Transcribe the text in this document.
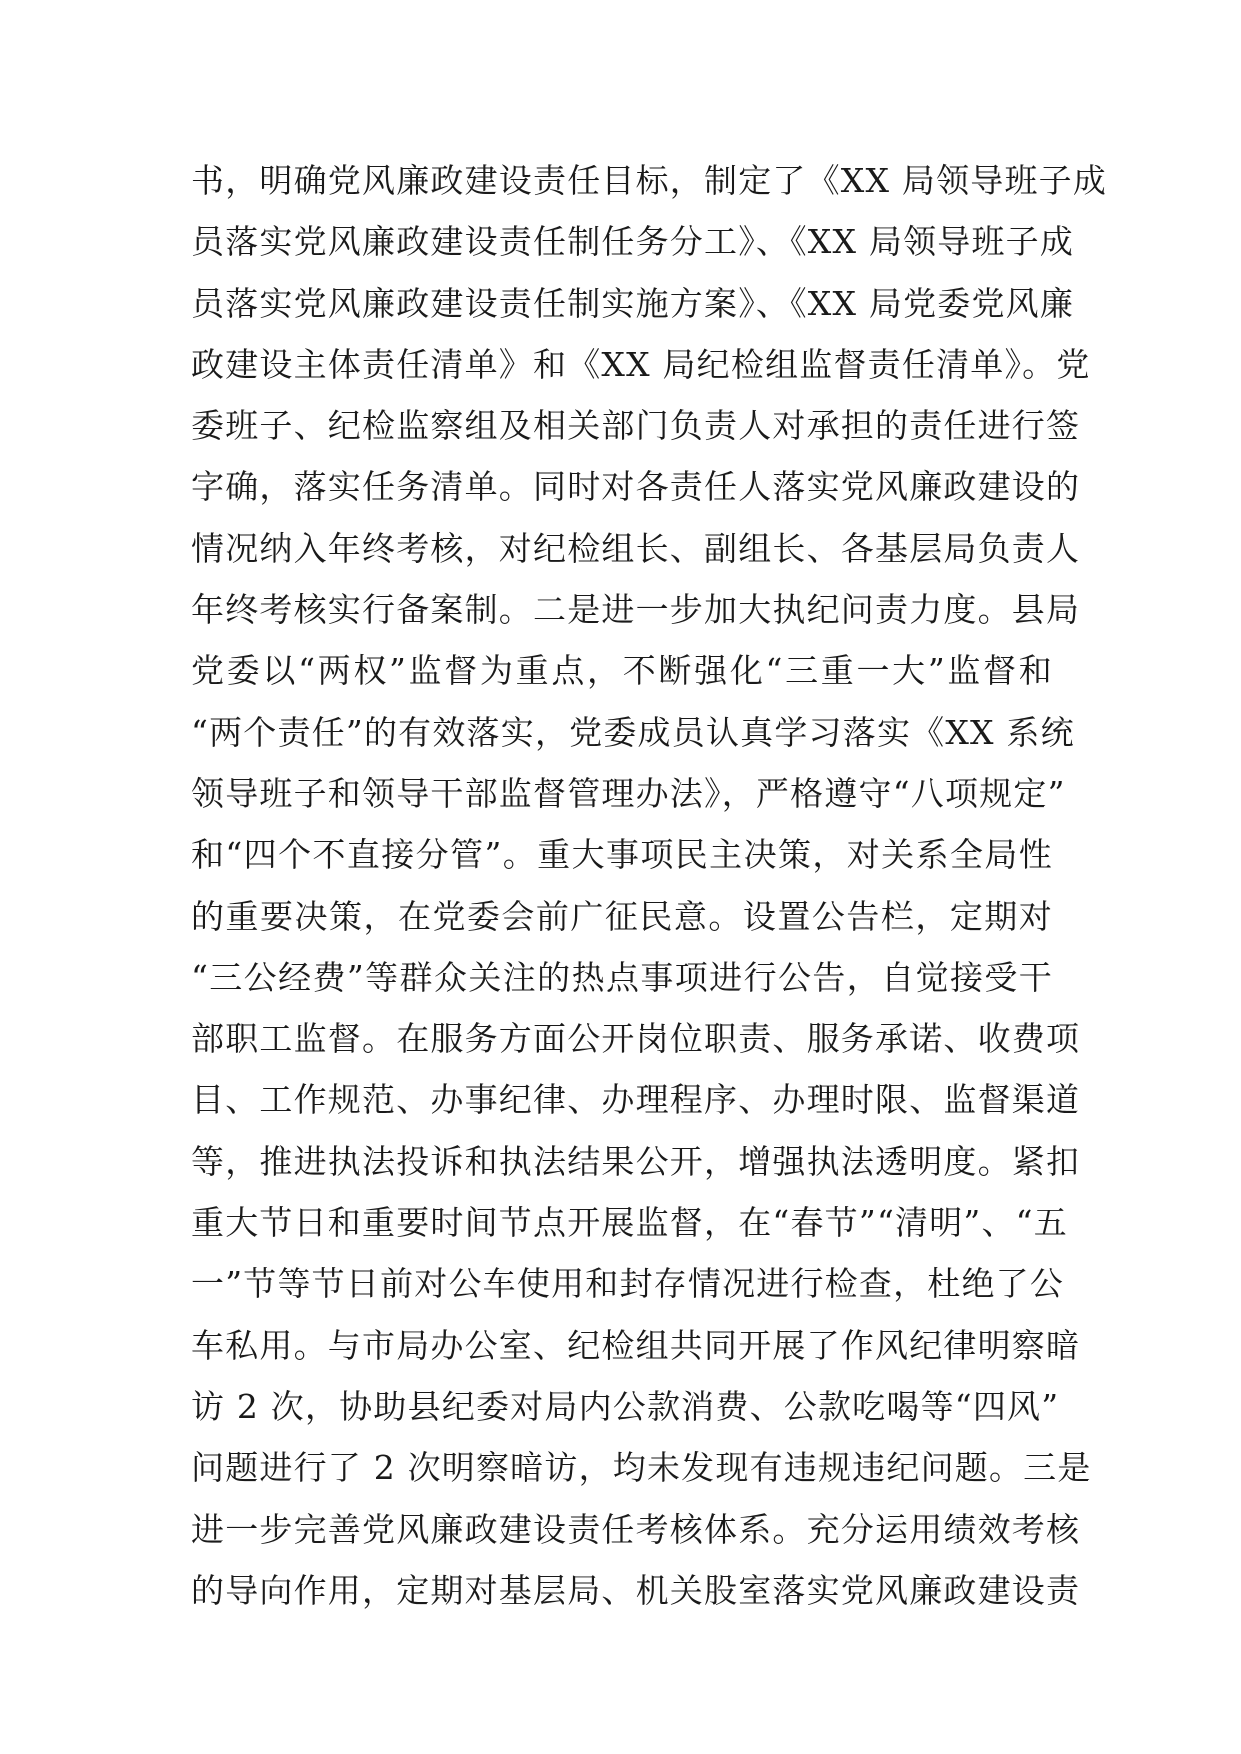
书，明确党风廉政建设责任目标，制定了《XX 局领导班子成
员落实党风廉政建设责任制任务分工》、《XX 局领导班子成
员落实党风廉政建设责任制实施方案》、《XX 局党委党风廉
政建设主体责任清单》和《XX 局纪检组监督责任清单》。党
委班子、纪检监察组及相关部门负责人对承担的责任进行签
字确，落实任务清单。同时对各责任人落实党风廉政建设的
情况纳入年终考核，对纪检组长、副组长、各基层局负责人
年终考核实行备案制。二是进一步加大执纪问责力度。县局
党委以“两权”监督为重点，不断强化“三重一大”监督和
“两个责任”的有效落实，党委成员认真学习落实《XX 系统
领导班子和领导干部监督管理办法》，严格遵守“八项规定”
和“四个不直接分管”。重大事项民主决策，对关系全局性
的重要决策，在党委会前广征民意。设置公告栏，定期对
“三公经费”等群众关注的热点事项进行公告，自觉接受干
部职工监督。在服务方面公开岗位职责、服务承诺、收费项
目、工作规范、办事纪律、办理程序、办理时限、监督渠道
等，推进执法投诉和执法结果公开，增强执法透明度。紧扣
重大节日和重要时间节点开展监督，在“春节”“清明”、“五
一”节等节日前对公车使用和封存情况进行检查，杜绝了公
车私用。与市局办公室、纪检组共同开展了作风纪律明察暗
访 2 次，协助县纪委对局内公款消费、公款吃喝等“四风”
问题进行了 2 次明察暗访，均未发现有违规违纪问题。三是
进一步完善党风廉政建设责任考核体系。充分运用绩效考核
的导向作用，定期对基层局、机关股室落实党风廉政建设责
